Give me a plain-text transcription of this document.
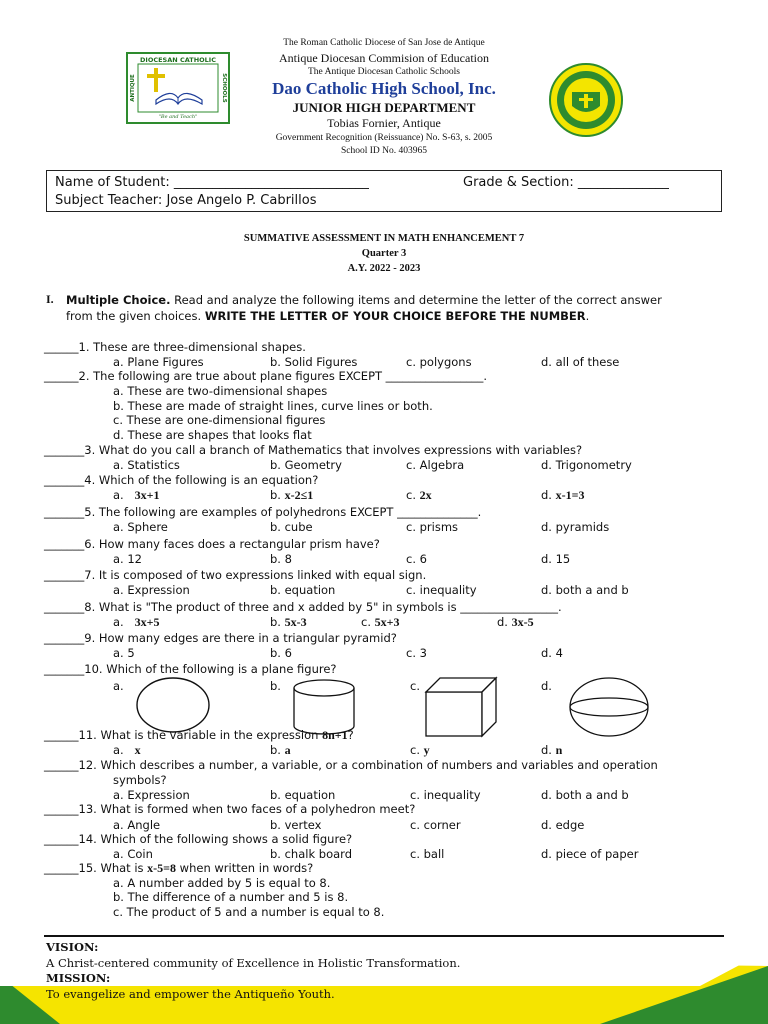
The Roman Catholic Diocese of San Jose de Antique
Antique Diocesan Commision of Education
The Antique Diocesan Catholic Schools
Dao Catholic High School, Inc.
JUNIOR HIGH DEPARTMENT
Tobias Fornier, Antique
Government Recognition (Reissuance) No. S-63, s. 2005
School ID No. 403965
DIOCESAN CATHOLIC
ANTIQUE	SCHOOLS
"Be and Teach"
Name of Student: ______________________________	Grade & Section: ______________
Subject Teacher: Jose Angelo P. Cabrillos
SUMMATIVE ASSESSMENT IN MATH ENHANCEMENT 7
Quarter 3
A.Y. 2022 - 2023
I. Multiple Choice. Read and analyze the following items and determine the letter of the correct answer
from the given choices. WRITE THE LETTER OF YOUR CHOICE BEFORE THE NUMBER.
______1. These are three-dimensional shapes.
a. Plane Figures	b. Solid Figures	c. polygons	d. all of these
______2. The following are true about plane figures EXCEPT _________________.
a. These are two-dimensional shapes
b. These are made of straight lines, curve lines or both.
c. These are one-dimensional figures
d. These are shapes that looks flat
_______3. What do you call a branch of Mathematics that involves expressions with variables?
a. Statistics	b. Geometry	c. Algebra	d. Trigonometry
_______4. Which of the following is an equation?
a. 3x+1	b. x-2≤1	c. 2x	d. x-1=3
_______5. The following are examples of polyhedrons EXCEPT ______________.
a. Sphere	b. cube	c. prisms	d. pyramids
_______6. How many faces does a rectangular prism have?
a. 12	b. 8	c. 6	d. 15
_______7. It is composed of two expressions linked with equal sign.
a. Expression	b. equation	c. inequality	d. both a and b
_______8. What is "The product of three and x added by 5" in symbols is _________________.
a. 3x+5	b. 5x-3	c. 5x+3	d. 3x-5
_______9. How many edges are there in a triangular pyramid?
a. 5	b. 6	c. 3	d. 4
_______10. Which of the following is a plane figure?
a.	b.	c.	d.
______11. What is the variable in the expression 8n+1?
a. x	b. a	c. y	d. n
______12. Which describes a number, a variable, or a combination of numbers and variables and operation
symbols?
a. Expression	b. equation	c. inequality	d. both a and b
______13. What is formed when two faces of a polyhedron meet?
a. Angle	b. vertex	c. corner	d. edge
______14. Which of the following shows a solid figure?
a. Coin	b. chalk board	c. ball	d. piece of paper
______15. What is x-5=8 when written in words?
a. A number added by 5 is equal to 8.
b. The difference of a number and 5 is 8.
c. The product of 5 and a number is equal to 8.
VISION:
A Christ-centered community of Excellence in Holistic Transformation.
MISSION:
To evangelize and empower the Antiqueño Youth.
